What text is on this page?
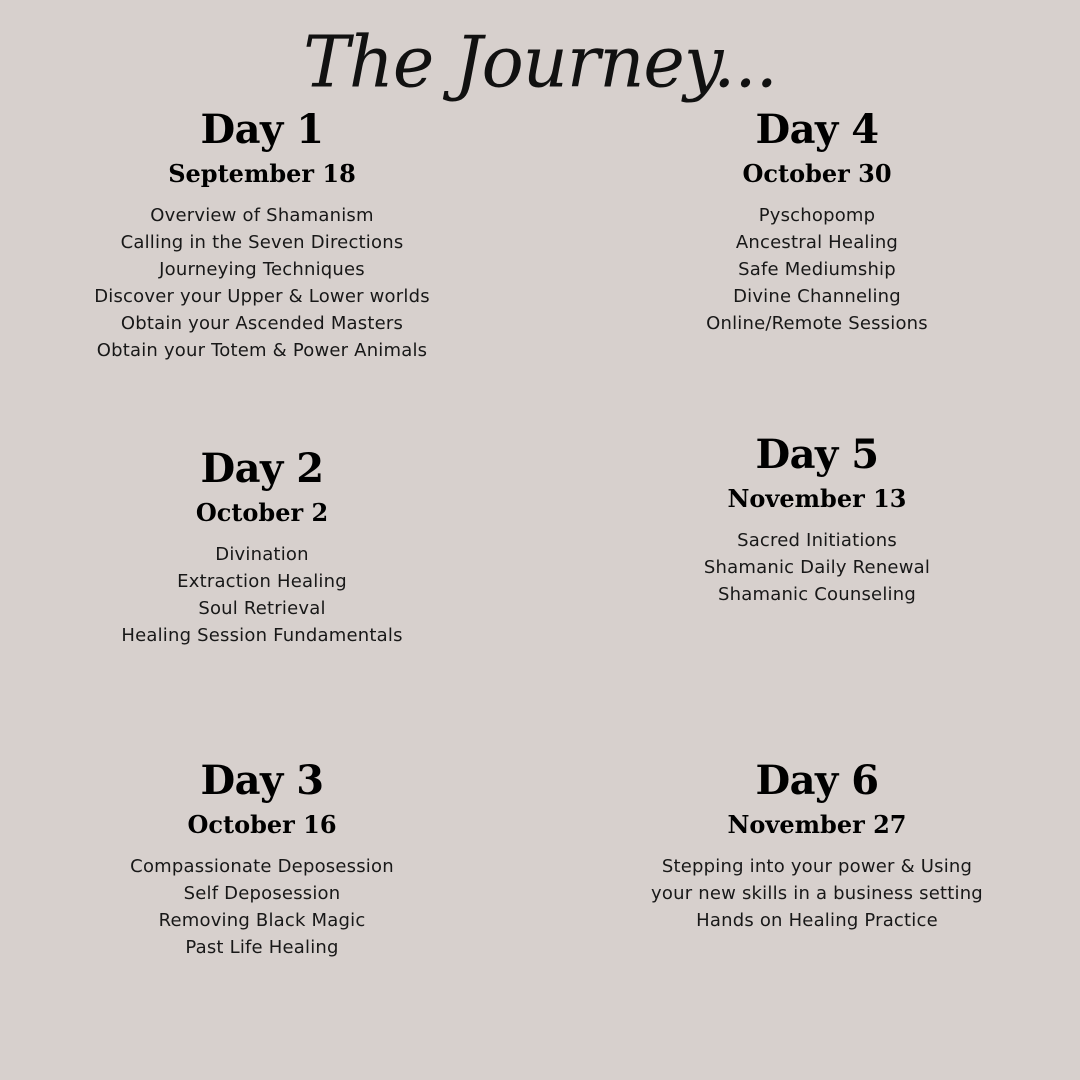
The Journey...
Day 1
September 18
Overview of Shamanism
Calling in the Seven Directions
Journeying Techniques
Discover your Upper & Lower worlds
Obtain your Ascended Masters
Obtain your Totem & Power Animals
Day 2
October 2
Divination
Extraction Healing
Soul Retrieval
Healing Session Fundamentals
Day 3
October 16
Compassionate Deposession
Self Deposession
Removing Black Magic
Past Life Healing
Day 4
October 30
Pyschopomp
Ancestral Healing
Safe Mediumship
Divine Channeling
Online/Remote Sessions
Day 5
November 13
Sacred Initiations
Shamanic Daily Renewal
Shamanic Counseling
Day 6
November 27
Stepping into your power & Using
your new skills in a business setting
Hands on Healing Practice
